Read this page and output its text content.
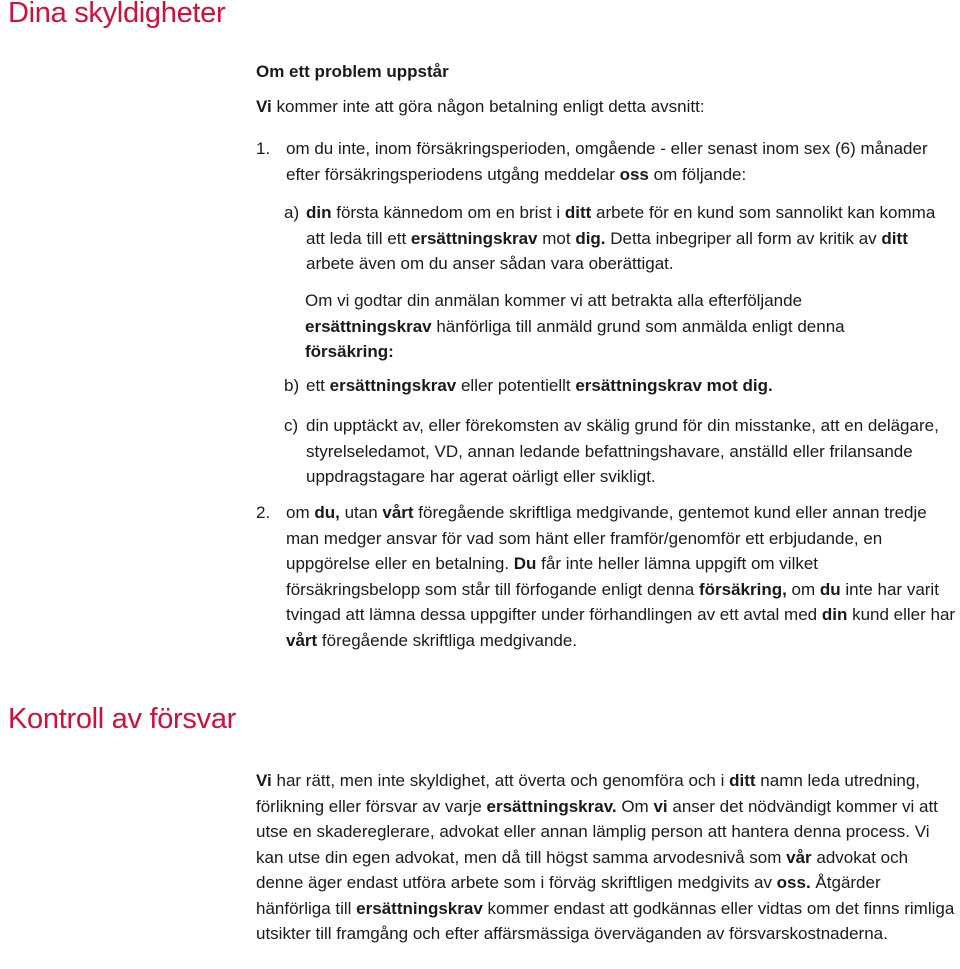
Dina skyldigheter

Om ett problem uppstår

Vi kommer inte att göra någon betalning enligt detta avsnitt:

1. om du inte, inom försäkringsperioden, omgående - eller senast inom sex (6) månader efter försäkringsperiodens utgång meddelar oss om följande:

a) din första kännedom om en brist i ditt arbete för en kund som sannolikt kan komma att leda till ett ersättningskrav mot dig. Detta inbegriper all form av kritik av ditt arbete även om du anser sådan vara oberättigat.

Om vi godtar din anmälan kommer vi att betrakta alla efterföljande ersättningskrav hänförliga till anmäld grund som anmälda enligt denna försäkring:

b) ett ersättningskrav eller potentiellt ersättningskrav mot dig.

c) din upptäckt av, eller förekomsten av skälig grund för din misstanke, att en delägare, styrelseledamot, VD, annan ledande befattningshavare, anställd eller frilansande uppdragstagare har agerat oärligt eller svikligt.

2. om du, utan vårt föregående skriftliga medgivande, gentemot kund eller annan tredje man medger ansvar för vad som hänt eller framför/genomför ett erbjudande, en uppgörelse eller en betalning. Du får inte heller lämna uppgift om vilket försäkringsbelopp som står till förfogande enligt denna försäkring, om du inte har varit tvingad att lämna dessa uppgifter under förhandlingen av ett avtal med din kund eller har vårt föregående skriftliga medgivande.

Kontroll av försvar

Vi har rätt, men inte skyldighet, att överta och genomföra och i ditt namn leda utredning, förlikning eller försvar av varje ersättningskrav. Om vi anser det nödvändigt kommer vi att utse en skadereglerare, advokat eller annan lämplig person att hantera denna process. Vi kan utse din egen advokat, men då till högst samma arvodesnivå som vår advokat och denne äger endast utföra arbete som i förväg skriftligen medgivits av oss. Åtgärder hänförliga till ersättningskrav kommer endast att godkännas eller vidtas om det finns rimliga utsikter till framgång och efter affärsmässiga överväganden av försvarskostnaderna.
